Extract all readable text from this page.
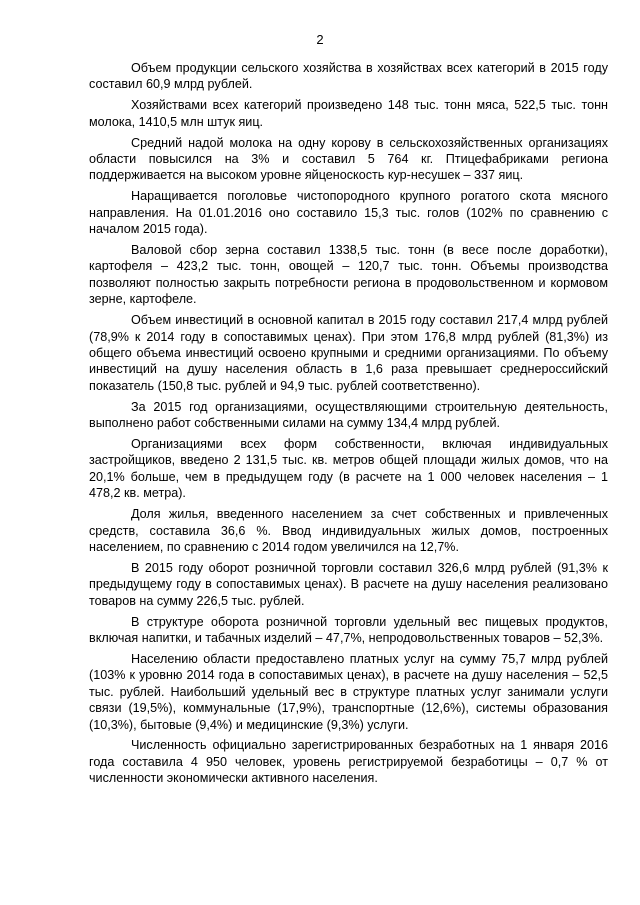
2

Объем продукции сельского хозяйства в хозяйствах всех категорий в 2015 году составил 60,9 млрд рублей.

Хозяйствами всех категорий произведено 148 тыс. тонн мяса, 522,5 тыс. тонн молока, 1410,5 млн штук яиц.

Средний надой молока на одну корову в сельскохозяйственных организациях области повысился на 3% и составил 5 764 кг. Птицефабриками региона поддерживается на высоком уровне яйценоскость кур-несушек – 337 яиц.

Наращивается поголовье чистопородного крупного рогатого скота мясного направления. На 01.01.2016 оно составило 15,3 тыс. голов (102% по сравнению с началом 2015 года).

Валовой сбор зерна составил 1338,5 тыс. тонн (в весе после доработки), картофеля – 423,2 тыс. тонн, овощей – 120,7 тыс. тонн. Объемы производства позволяют полностью закрыть потребности региона в продовольственном и кормовом зерне, картофеле.

Объем инвестиций в основной капитал в 2015 году составил 217,4 млрд рублей (78,9% к 2014 году в сопоставимых ценах). При этом 176,8 млрд рублей (81,3%) из общего объема инвестиций освоено крупными и средними организациями. По объему инвестиций на душу населения область в 1,6 раза превышает среднероссийский показатель (150,8 тыс. рублей и 94,9 тыс. рублей соответственно).

За 2015 год организациями, осуществляющими строительную деятельность, выполнено работ собственными силами на сумму 134,4 млрд рублей.

Организациями всех форм собственности, включая индивидуальных застройщиков, введено 2 131,5 тыс. кв. метров общей площади жилых домов, что на 20,1% больше, чем в предыдущем году (в расчете на 1 000 человек населения – 1 478,2 кв. метра).

Доля жилья, введенного населением за счет собственных и привлеченных средств, составила 36,6 %. Ввод индивидуальных жилых домов, построенных населением, по сравнению с 2014 годом увеличился на 12,7%.

В 2015 году оборот розничной торговли составил 326,6 млрд рублей (91,3% к предыдущему году в сопоставимых ценах). В расчете на душу населения реализовано товаров на сумму 226,5 тыс. рублей.

В структуре оборота розничной торговли удельный вес пищевых продуктов, включая напитки, и табачных изделий – 47,7%, непродовольственных товаров – 52,3%.

Населению области предоставлено платных услуг на сумму 75,7 млрд рублей (103% к уровню 2014 года в сопоставимых ценах), в расчете на душу населения – 52,5 тыс. рублей. Наибольший удельный вес в структуре платных услуг занимали услуги связи (19,5%), коммунальные (17,9%), транспортные (12,6%), системы образования (10,3%), бытовые (9,4%) и медицинские (9,3%) услуги.

Численность официально зарегистрированных безработных на 1 января 2016 года составила 4 950 человек, уровень регистрируемой безработицы – 0,7 % от численности экономически активного населения.
